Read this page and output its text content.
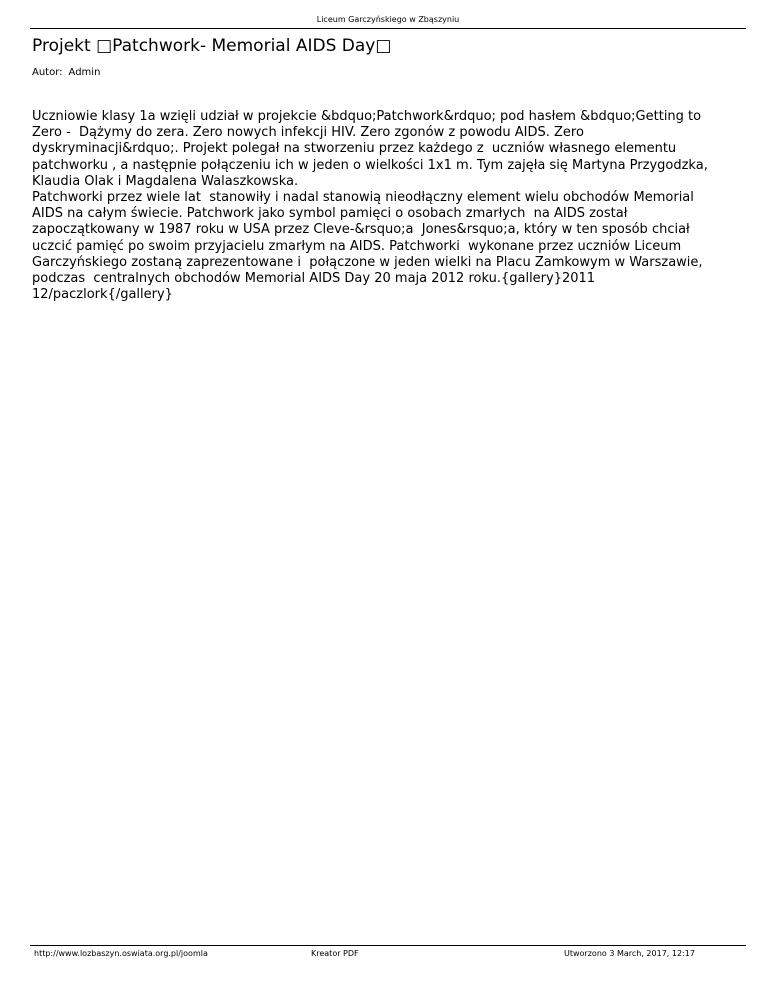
Liceum Garczyńskiego w Zbąszyniu
Projekt □Patchwork- Memorial AIDS Day□
Autor: Admin

Uczniowie klasy 1a wzięli udział w projekcie &bdquo;Patchwork&rdquo; pod hasłem &bdquo;Getting to
Zero -  Dążymy do zera. Zero nowych infekcji HIV. Zero zgonów z powodu AIDS. Zero
dyskryminacji&rdquo;. Projekt polegał na stworzeniu przez każdego z  uczniów własnego elementu
patchworku , a następnie połączeniu ich w jeden o wielkości 1x1 m. Tym zajęła się Martyna Przygodzka,
Klaudia Olak i Magdalena Walaszkowska.

Patchworki przez wiele lat  stanowiły i nadal stanowią nieodłączny element wielu obchodów Memorial
AIDS na całym świecie. Patchwork jako symbol pamięci o osobach zmarłych  na AIDS został
zapoczątkowany w 1987 roku w USA przez Cleve-&rsquo;a  Jones&rsquo;a, który w ten sposób chciał
uczcić pamięć po swoim przyjacielu zmarłym na AIDS. Patchworki  wykonane przez uczniów Liceum
Garczyńskiego zostaną zaprezentowane i  połączone w jeden wielki na Placu Zamkowym w Warszawie,
podczas  centralnych obchodów Memorial AIDS Day 20 maja 2012 roku.{gallery}2011
12/paczlork{/gallery}

http://www.lozbaszyn.oswiata.org.pl/joomla	Kreator PDF	Utworzono 3 March, 2017, 12:17
